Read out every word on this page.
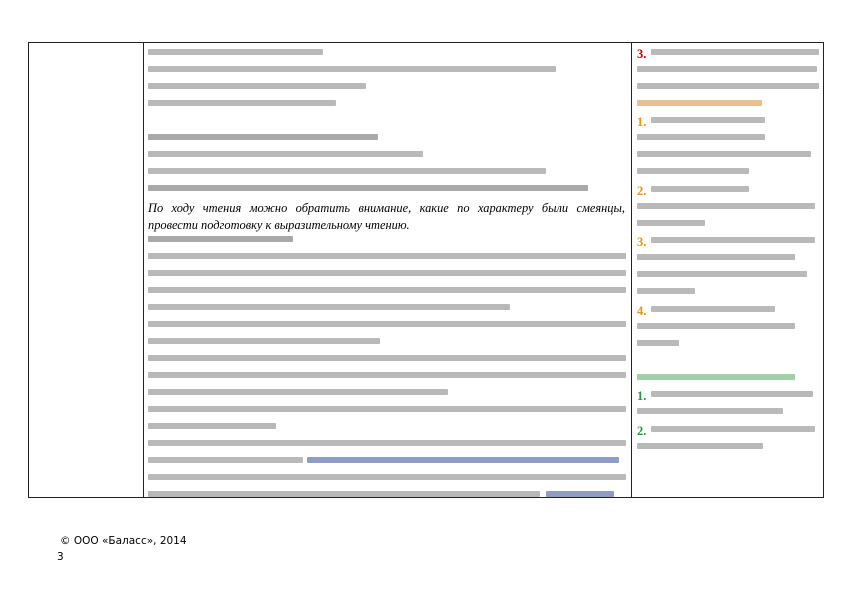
По ходу чтения можно обратить внимание, какие по характеру были смеянцы, провести подготовку к выразительному чтению.
3.
1.
2.
3.
4.
1.
2.
© ООО «Баласс», 2014
3
